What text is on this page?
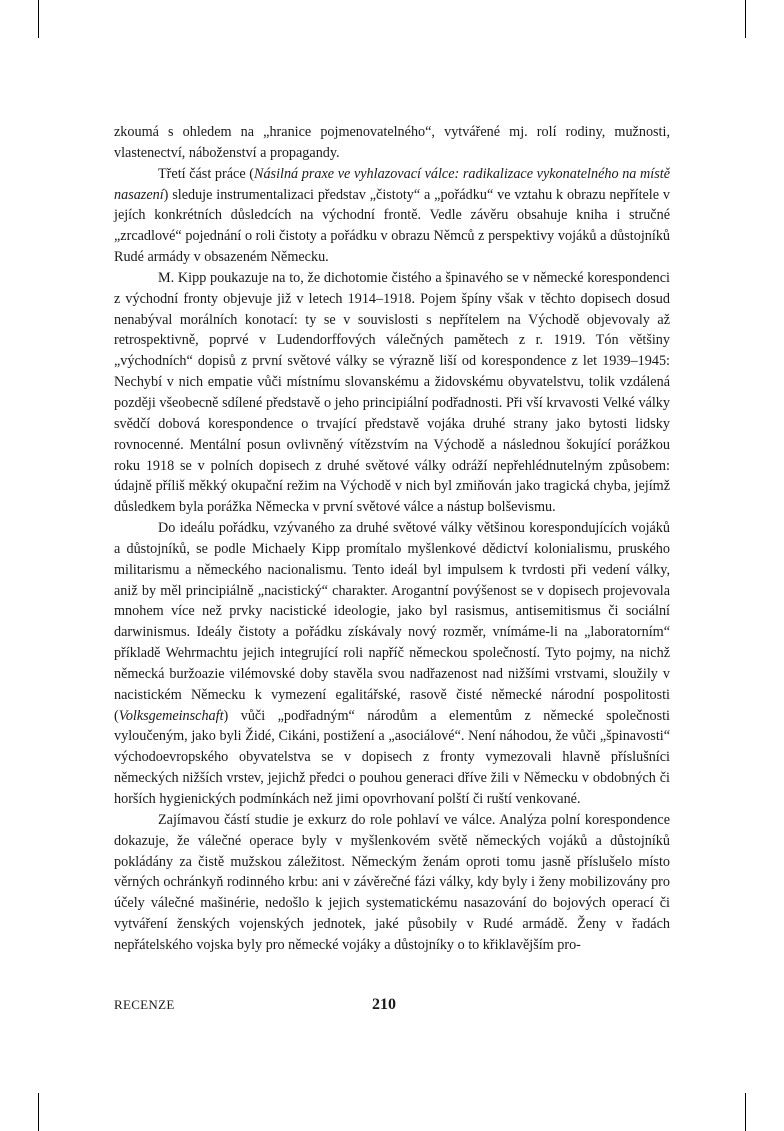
zkoumá s ohledem na „hranice pojmenovatelného“, vytvářené mj. rolí rodiny, mužnosti, vlastenectví, náboženství a propagandy.

Třetí část práce (Násilná praxe ve vyhlazovací válce: radikalizace vykonatelného na místě nasazení) sleduje instrumentalizaci představ „čistoty“ a „pořádku“ ve vztahu k obrazu nepřítele v jejích konkrétních důsledcích na východní frontě. Vedle závěru obsahuje kniha i stručné „zrcadlové“ pojednání o roli čistoty a pořádku v obrazu Němců z perspektivy vojáků a důstojníků Rudé armády v obsazeném Německu.

M. Kipp poukazuje na to, že dichotomie čistého a špinavého se v německé korespondenci z východní fronty objevuje již v letech 1914–1918. Pojem špíny však v těchto dopisech dosud nenabýval morálních konotací: ty se v souvislosti s nepřítelem na Východě objevovaly až retrospektivně, poprvé v Ludendorffových válečných pamětech z r. 1919. Tón většiny „východních“ dopisů z první světové války se výrazně liší od korespondence z let 1939–1945: Nechybí v nich empatie vůči místnímu slovanskému a židovskému obyvatelstvu, tolik vzdálená později všeobecně sdílené představě o jeho principiální podřadnosti. Při vší krvavosti Velké války svědčí dobová korespondence o trvající představě vojáka druhé strany jako bytosti lidsky rovnocenné. Mentální posun ovlivněný vítězstvím na Východě a následnou šokující porážkou roku 1918 se v polních dopisech z druhé světové války odráží nepřehlédnutelným způsobem: údajně příliš měkký okupační režim na Východě v nich byl zmiňován jako tragická chyba, jejímž důsledkem byla porážka Německa v první světové válce a nástup bolševismu.

Do ideálu pořádku, vzývaného za druhé světové války většinou korespondujících vojáků a důstojníků, se podle Michaely Kipp promítalo myšlenkové dědictví kolonialismu, pruského militarismu a německého nacionalismu. Tento ideál byl impulsem k tvrdosti při vedení války, aniž by měl principiálně „nacistický“ charakter. Arogantní povýšenost se v dopisech projevovala mnohem více než prvky nacistické ideologie, jako byl rasismus, antisemitismus či sociální darwinismus. Ideály čistoty a pořádku získávaly nový rozměr, vnímáme-li na „laboratorním“ příkladě Wehrmachtu jejich integrující roli napříč německou společností. Tyto pojmy, na nichž německá buržoazie vilémovské doby stavěla svou nadřazenost nad nižšími vrstvami, sloužily v nacistickém Německu k vymezení egalitářské, rasově čisté německé národní pospolitosti (Volksgemeinschaft) vůči „podřadným“ národům a elementům z německé společnosti vyloučeným, jako byli Židé, Cikáni, postižení a „asociálové“. Není náhodou, že vůči „špinavosti“ východoevropského obyvatelstva se v dopisech z fronty vymezovali hlavně příslušníci německých nižších vrstev, jejichž předci o pouhou generaci dříve žili v Německu v obdobných či horších hygienických podmínkách než jimi opovrhovaní polští či ruští venkované.

Zajímavou částí studie je exkurz do role pohlaví ve válce. Analýza polní korespondence dokazuje, že válečné operace byly v myšlenkovém světě německých vojáků a důstojníků pokládány za čistě mužskou záležitost. Německým ženám oproti tomu jasně příslušelo místo věrných ochránkyň rodinného krbu: ani v závěrečné fázi války, kdy byly i ženy mobilizovány pro účely válečné mašinérie, nedošlo k jejich systematickému nasazování do bojových operací či vytváření ženských vojenských jednotek, jaké působily v Rudé armádě. Ženy v řadách nepřátelského vojska byly pro německé vojáky a důstojníky o to křiklavějším pro-

RECENZE	210
